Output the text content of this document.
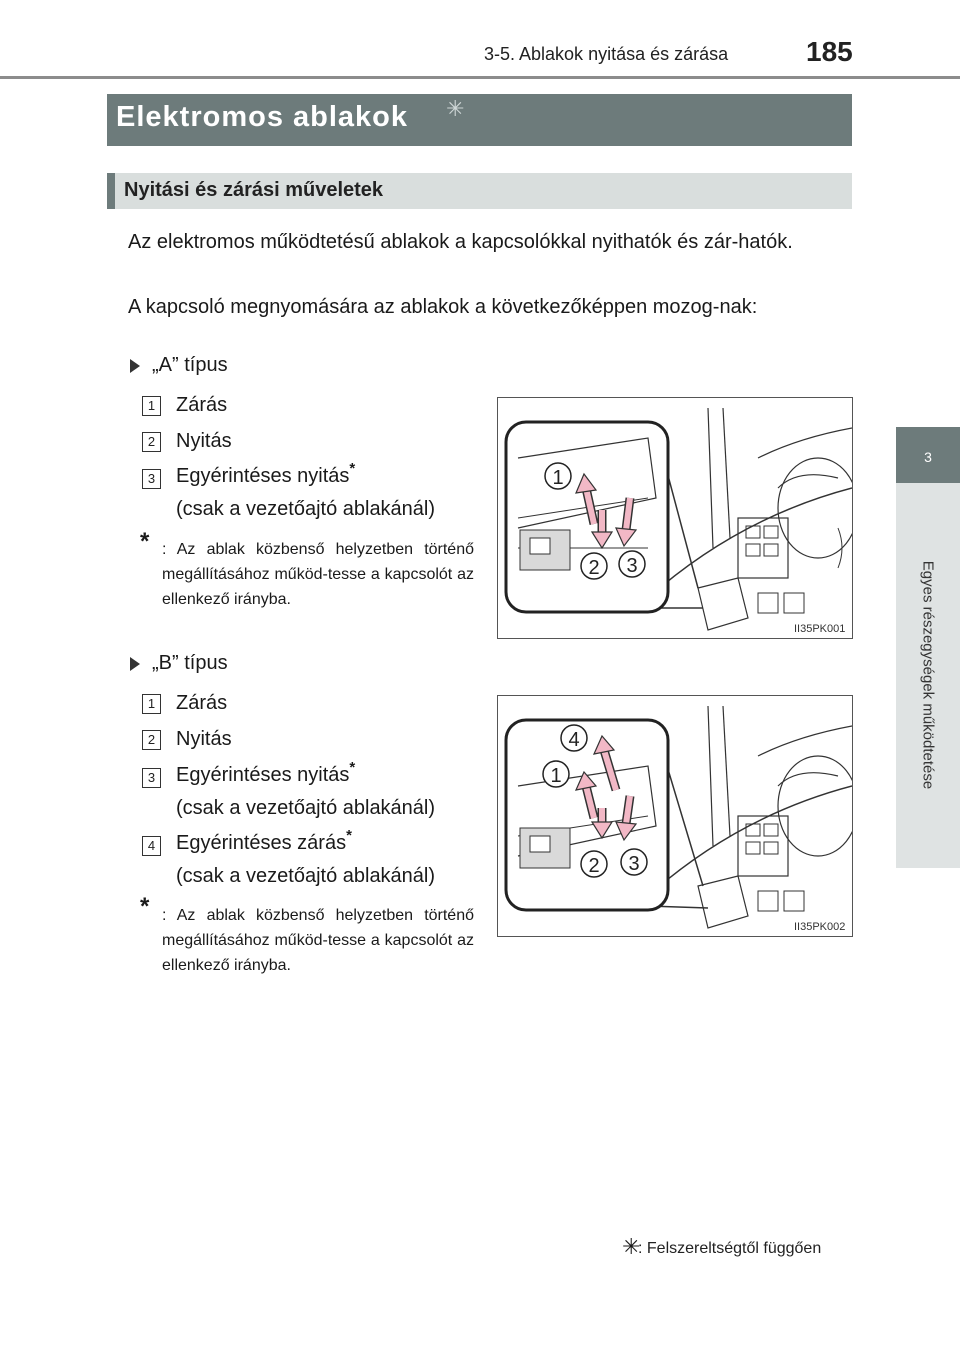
3-5. Ablakok nyitása és zárása	185
3
Egyes részegységek működtetése
Elektromos ablakok ✳
Nyitási és zárási műveletek
Az elektromos működtetésű ablakok a kapcsolókkal nyithatók és zár-hatók.
A kapcsoló megnyomására az ablakok a következőképpen mozog-nak:
„A” típus
1 Zárás
2 Nyitás
3 Egyérintéses nyitás*
(csak a vezetőajtó ablakánál)
* : Az ablak közbenső helyzetben történő megállításához működ-tesse a kapcsolót az ellenkező irányba.
1
2 3
II35PK001
„B” típus
1 Zárás
2 Nyitás
3 Egyérintéses nyitás*
(csak a vezetőajtó ablakánál)
4 Egyérintéses zárás*
(csak a vezetőajtó ablakánál)
* : Az ablak közbenső helyzetben történő megállításához működ-tesse a kapcsolót az ellenkező irányba.
4
1
2 3
II35PK002
✳
: Felszereltségtől függően
